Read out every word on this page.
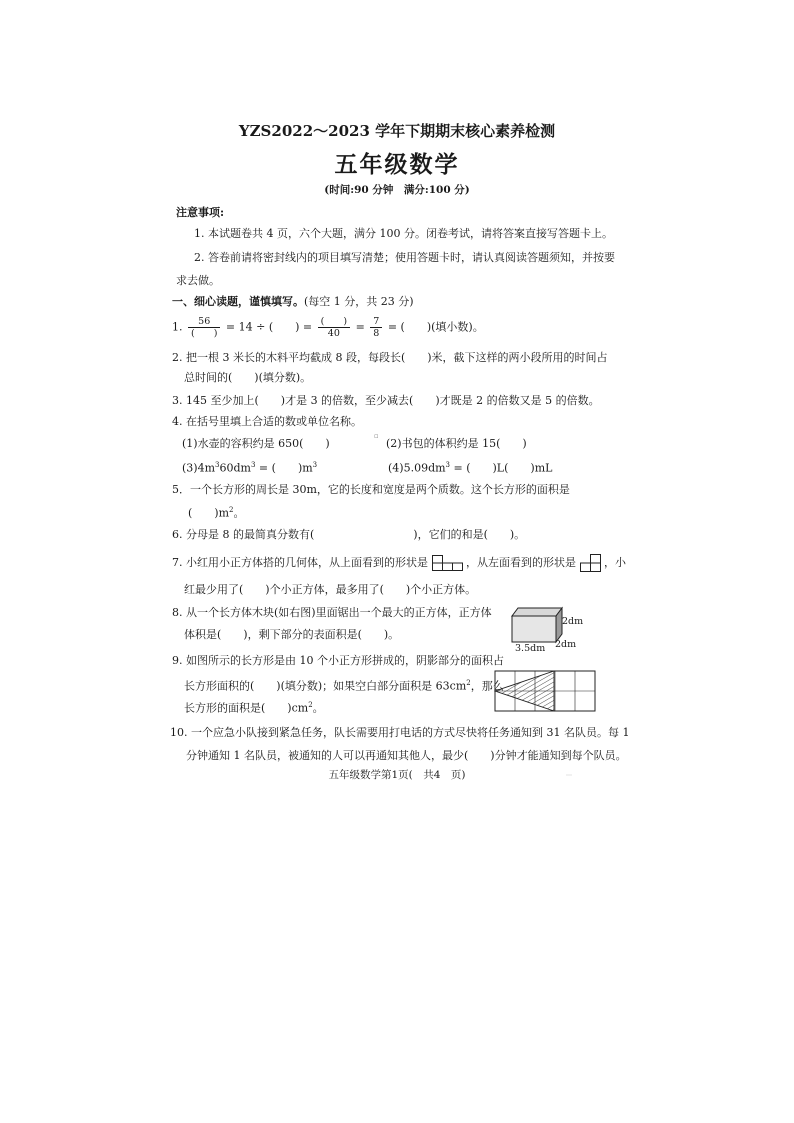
YZS2022～2023 学年下期期末核心素养检测
五年级数学
(时间:90 分钟　满分:100 分)
注意事项:
1. 本试题卷共 4 页，六个大题，满分 100 分。闭卷考试，请将答案直接写答题卡上。
2. 答卷前请将密封线内的项目填写清楚；使用答题卡时，请认真阅读答题须知，并按要
求去做。
一、细心读题，谨慎填写。(每空 1 分，共 23 分)
1. $\frac{56}{( )} = 14$ ÷ (　　) = $\frac{( )}{40} = \frac{7}{8}$ = (　　)(填小数)。
2. 把一根 3 米长的木料平均截成 8 段，每段长(　　)米，截下这样的两小段所用的时间占
总时间的(　　)(填分数)。
3. 145 至少加上(　　)才是 3 的倍数，至少减去(　　)才既是 2 的倍数又是 5 的倍数。
4. 在括号里填上合适的数或单位名称。
(1)水壶的容积约是 650(　　)
▫
(2)书包的体积约是 15(　　)
$(3)4m^360dm^3$ = (　　)$m^3$	$(4)5.09dm^3$ = (　　)L(　　)mL
5．一个长方形的周长是 30m，它的长度和宽度是两个质数。这个长方形的面积是
(　　)$m^2$。
6. 分母是 8 的最简真分数有(　　　　　　　　　)，它们的和是(　　)。
7. 小红用小正方体搭的几何体，从上面看到的形状是	，从左面看到的形状是	，小
红最少用了(　　)个小正方体，最多用了(　　)个小正方体。
8. 从一个长方体木块(如右图)里面锯出一个最大的正方体，正方体
体积是(　　)，剩下部分的表面积是(　　)。
2dm
3.5dm 2dm
9. 如图所示的长方形是由 10 个小正方形拼成的，阴影部分的面积占
长方形面积的(　　)(填分数)；如果空白部分面积是 $63cm^2$，那么
长方形的面积是(　　)$cm^2$。
10. 一个应急小队接到紧急任务，队长需要用打电话的方式尽快将任务通知到 31 名队员。每 1
分钟通知 1 名队员，被通知的人可以再通知其他人，最少(　　)分钟才能通知到每个队员。
五年级数学第1页(　共4　页)	⋯
